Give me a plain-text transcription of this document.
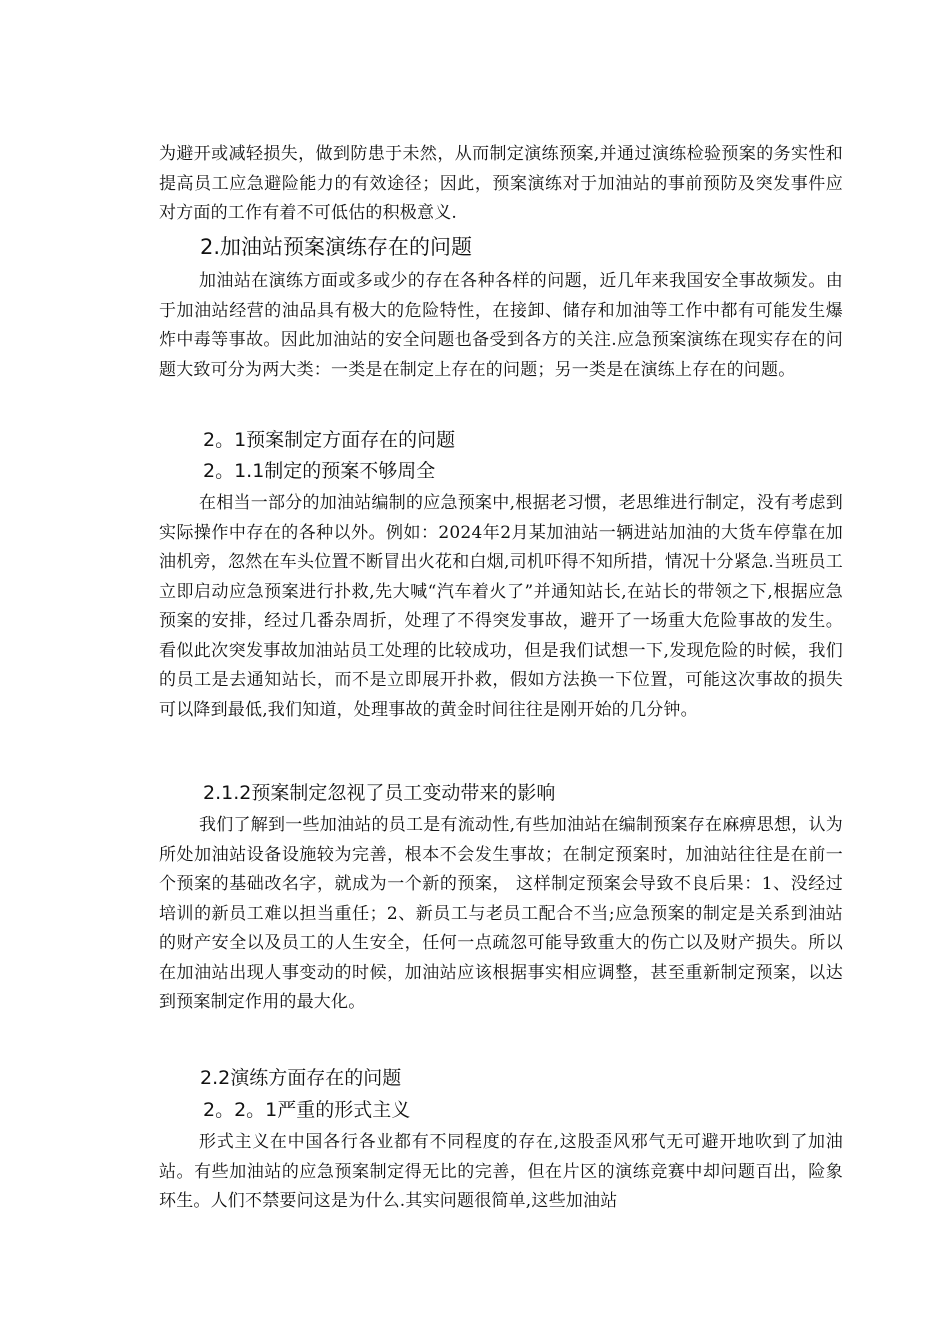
为避开或减轻损失，做到防患于未然，从而制定演练预案,并通过演练检验预案的务实性和提高员工应急避险能力的有效途径；因此，预案演练对于加油站的事前预防及突发事件应对方面的工作有着不可低估的积极意义.

2.加油站预案演练存在的问题

加油站在演练方面或多或少的存在各种各样的问题，近几年来我国安全事故频发。由于加油站经营的油品具有极大的危险特性，在接卸、储存和加油等工作中都有可能发生爆炸中毒等事故。因此加油站的安全问题也备受到各方的关注.应急预案演练在现实存在的问题大致可分为两大类：一类是在制定上存在的问题；另一类是在演练上存在的问题。

2。1预案制定方面存在的问题
2。1.1制定的预案不够周全

在相当一部分的加油站编制的应急预案中,根据老习惯，老思维进行制定，没有考虑到实际操作中存在的各种以外。例如：2024年2月某加油站一辆进站加油的大货车停靠在加油机旁，忽然在车头位置不断冒出火花和白烟,司机吓得不知所措，情况十分紧急.当班员工立即启动应急预案进行扑救,先大喊“汽车着火了”并通知站长,在站长的带领之下,根据应急预案的安排，经过几番杂周折，处理了不得突发事故，避开了一场重大危险事故的发生。看似此次突发事故加油站员工处理的比较成功，但是我们试想一下,发现危险的时候，我们的员工是去通知站长，而不是立即展开扑救，假如方法换一下位置，可能这次事故的损失可以降到最低,我们知道，处理事故的黄金时间往往是刚开始的几分钟。

2.1.2预案制定忽视了员工变动带来的影响

我们了解到一些加油站的员工是有流动性,有些加油站在编制预案存在麻痹思想，认为所处加油站设备设施较为完善，根本不会发生事故；在制定预案时，加油站往往是在前一个预案的基础改名字，就成为一个新的预案， 这样制定预案会导致不良后果：1、没经过培训的新员工难以担当重任；2、新员工与老员工配合不当;应急预案的制定是关系到油站的财产安全以及员工的人生安全，任何一点疏忽可能导致重大的伤亡以及财产损失。所以在加油站出现人事变动的时候，加油站应该根据事实相应调整，甚至重新制定预案，以达到预案制定作用的最大化。

2.2演练方面存在的问题
2。2。1严重的形式主义

形式主义在中国各行各业都有不同程度的存在,这股歪风邪气无可避开地吹到了加油站。有些加油站的应急预案制定得无比的完善，但在片区的演练竞赛中却问题百出，险象环生。人们不禁要问这是为什么.其实问题很简单,这些加油站
